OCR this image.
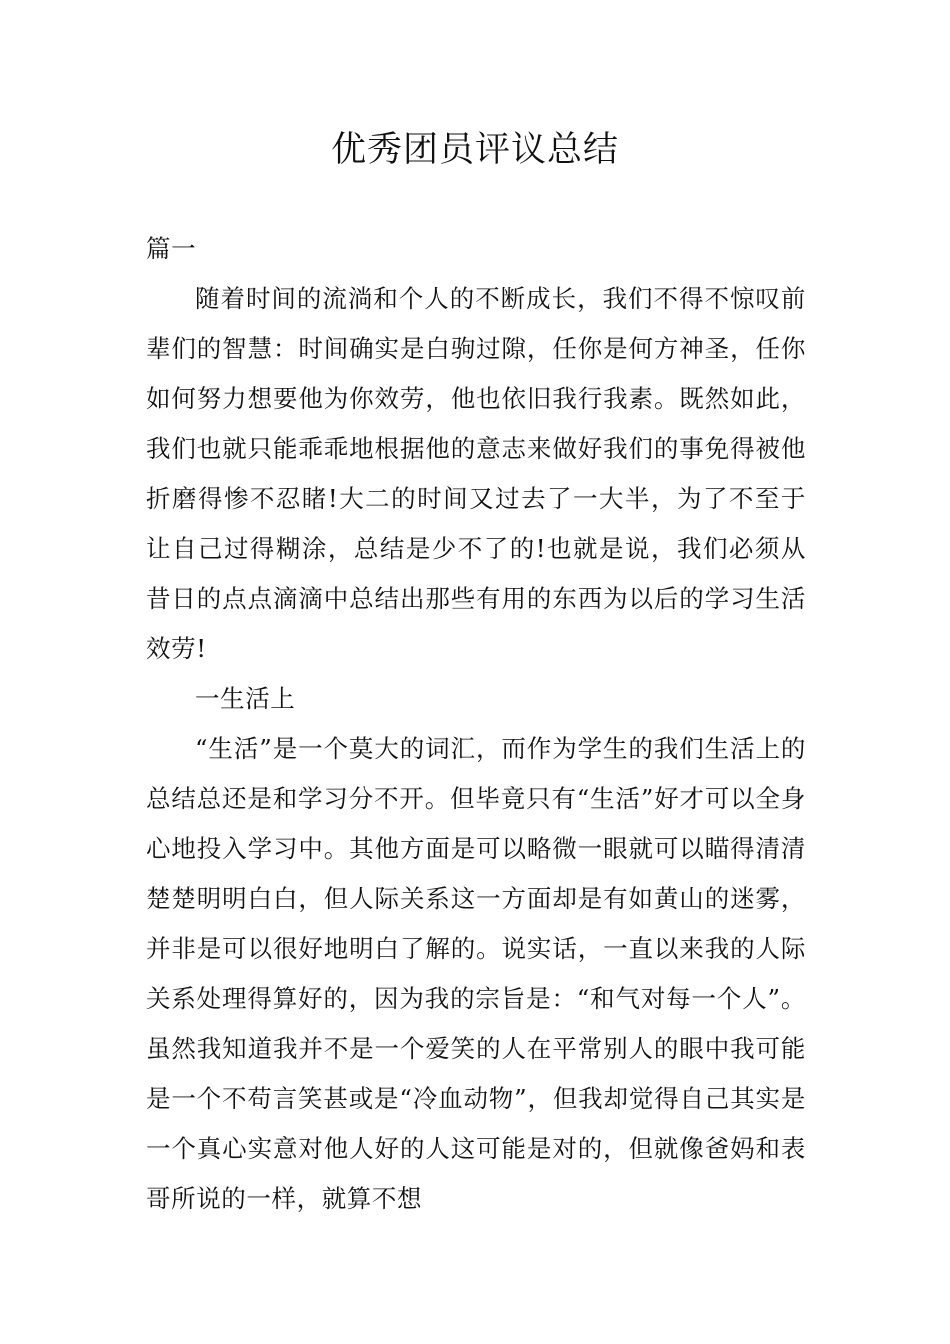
优秀团员评议总结

篇一

随着时间的流淌和个人的不断成长，我们不得不惊叹前辈们的智慧：时间确实是白驹过隙，任你是何方神圣，任你如何努力想要他为你效劳，他也依旧我行我素。既然如此，我们也就只能乖乖地根据他的意志来做好我们的事免得被他折磨得惨不忍睹!大二的时间又过去了一大半，为了不至于让自己过得糊涂，总结是少不了的!也就是说，我们必须从昔日的点点滴滴中总结出那些有用的东西为以后的学习生活效劳!

一生活上

“生活”是一个莫大的词汇，而作为学生的我们生活上的总结总还是和学习分不开。但毕竟只有“生活”好才可以全身心地投入学习中。其他方面是可以略微一眼就可以瞄得清清楚楚明明白白，但人际关系这一方面却是有如黄山的迷雾，并非是可以很好地明白了解的。说实话，一直以来我的人际关系处理得算好的，因为我的宗旨是：“和气对每一个人”。虽然我知道我并不是一个爱笑的人在平常别人的眼中我可能是一个不苟言笑甚或是“冷血动物”，但我却觉得自己其实是一个真心实意对他人好的人这可能是对的，但就像爸妈和表哥所说的一样，就算不想
